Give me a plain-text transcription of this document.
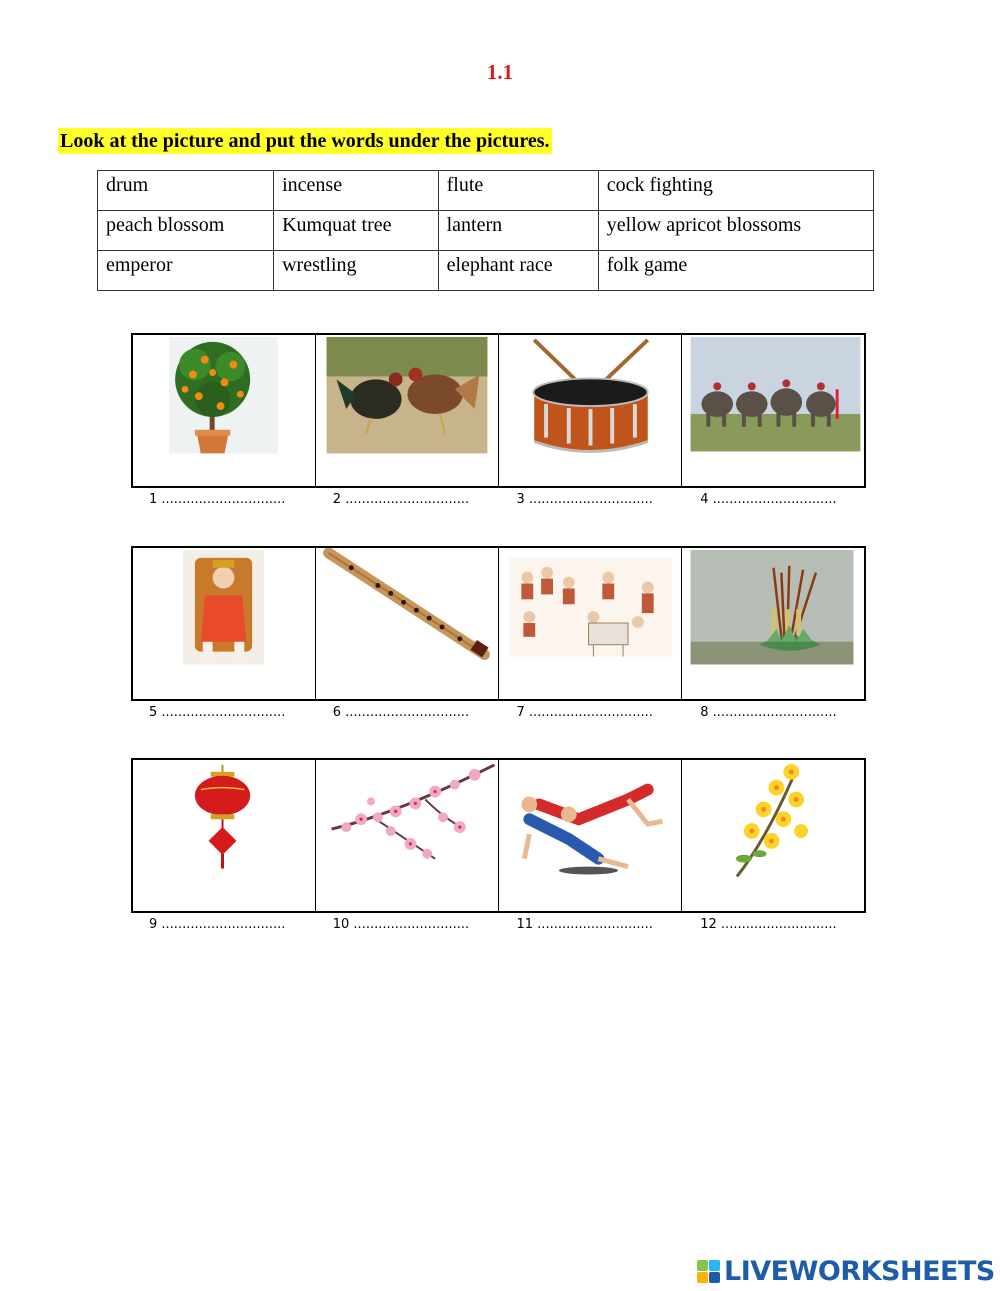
1.1
Look at the picture and put the words under the pictures.
drum	incense	flute	cock fighting
peach blossom	Kumquat tree	lantern	yellow apricot blossoms
emperor	wrestling	elephant race	folk game
1 ..............................	2 ..............................	3 ..............................	4 ..............................
5 ..............................	6 ..............................	7 ..............................	8 ..............................
9 ..............................	10 ............................	11 ............................	12 ............................
LIVEWORKSHEETS
